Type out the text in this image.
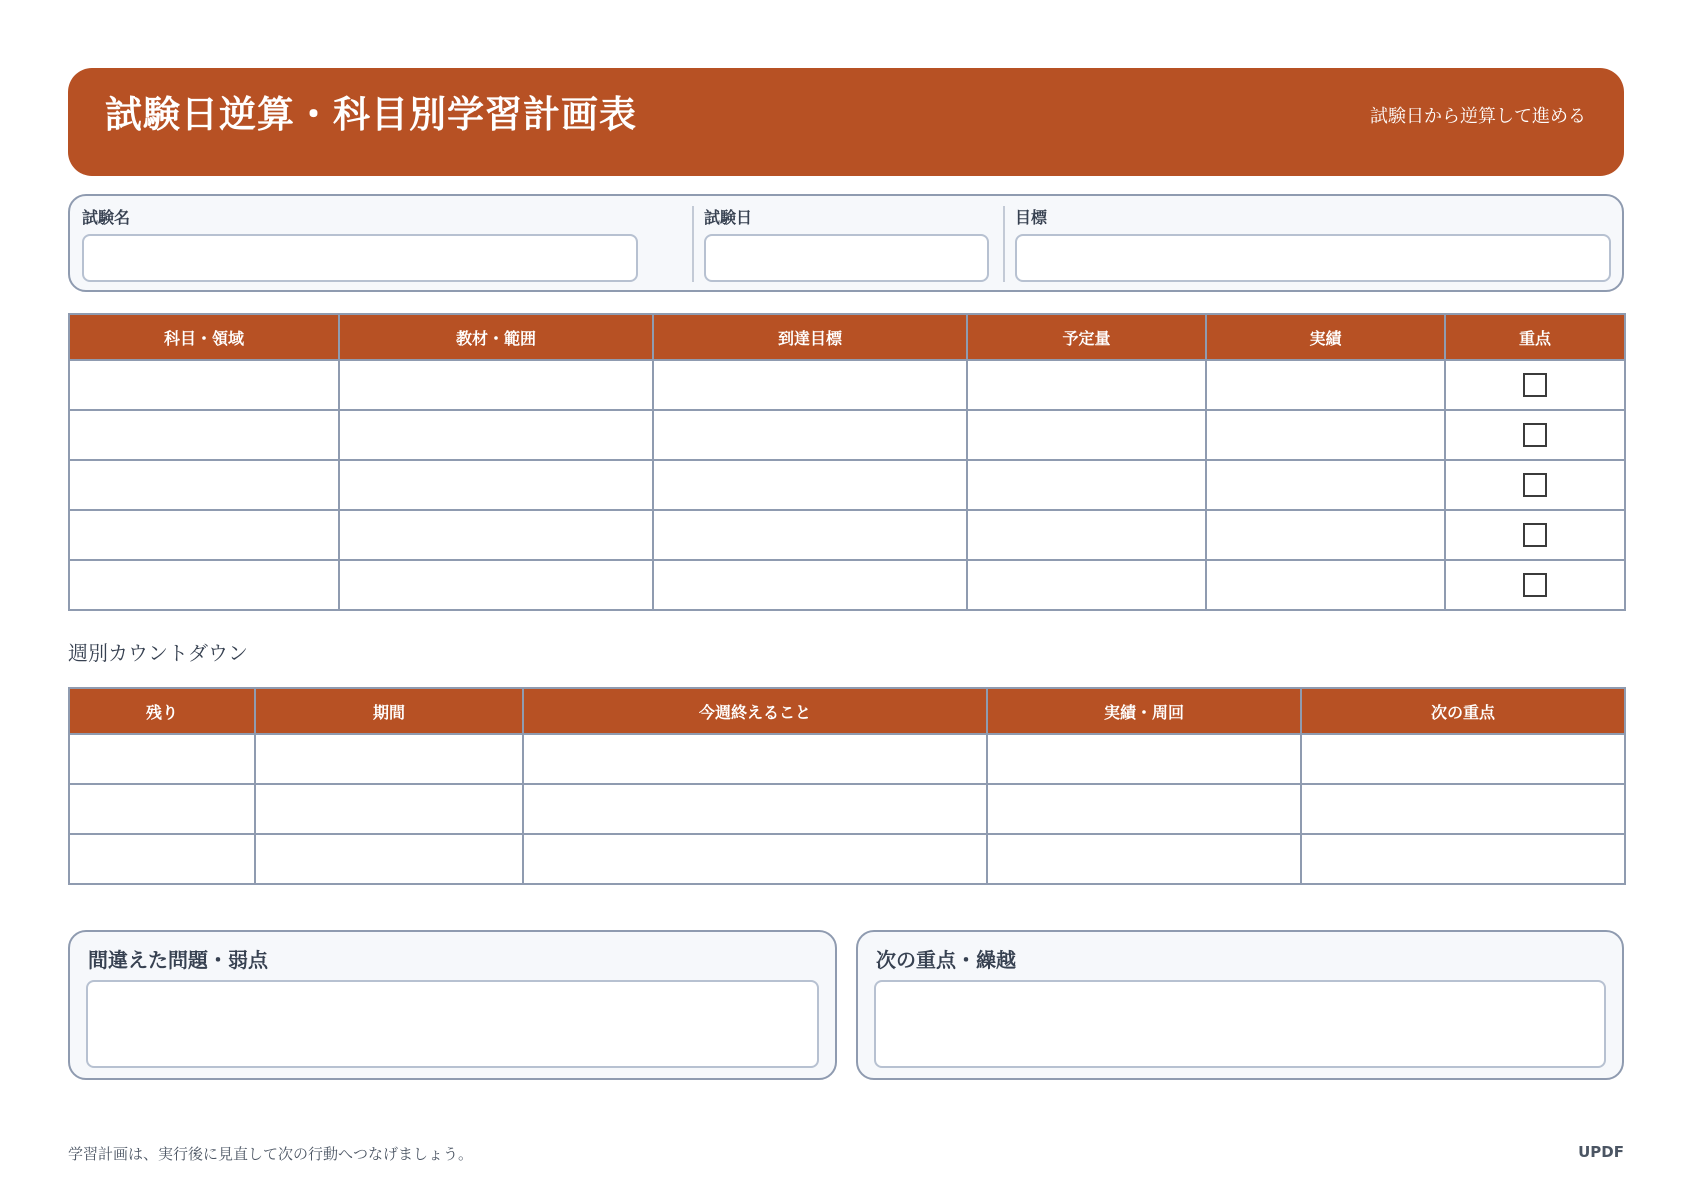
試験日逆算・科目別学習計画表	試験日から逆算して進める
試験名	試験日	目標
科目・領域	教材・範囲	到達目標	予定量	実績	重点

週別カウントダウン
残り	期間	今週終えること	実績・周回	次の重点

間違えた問題・弱点	次の重点・繰越
学習計画は、実行後に見直して次の行動へつなげましょう。	UPDF
